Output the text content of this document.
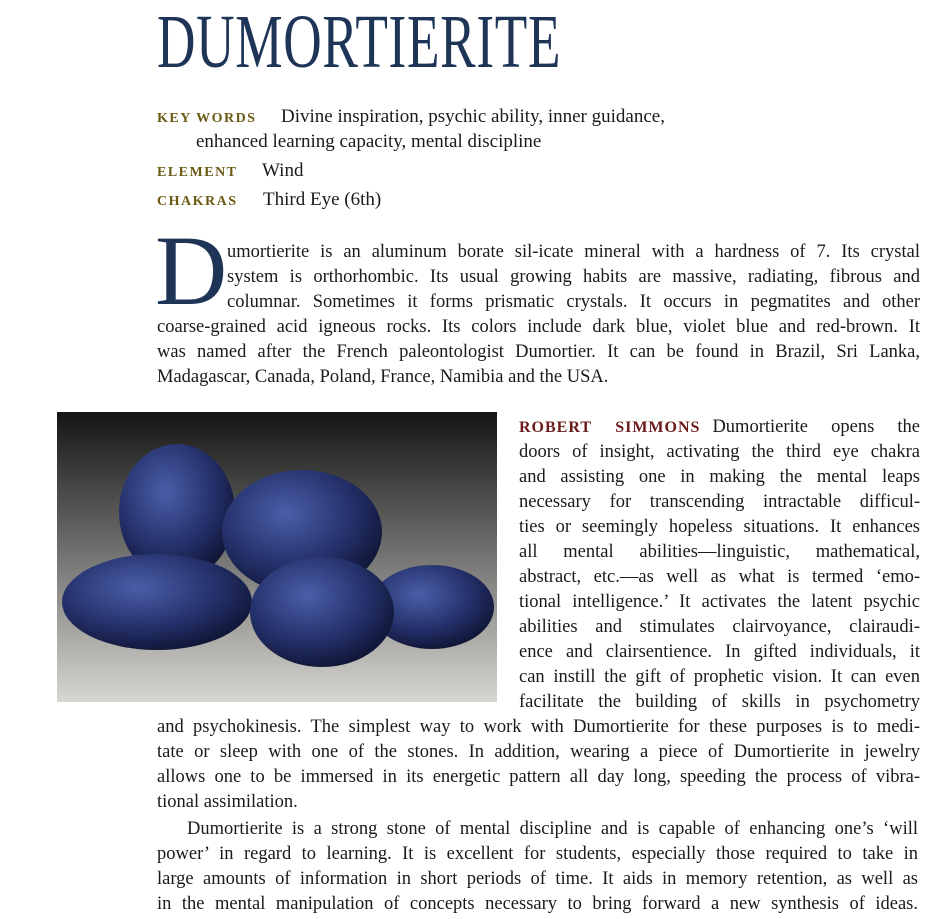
DUMORTIERITE
KEY WORDS Divine inspiration, psychic ability, inner guidance,
enhanced learning capacity, mental discipline
ELEMENT Wind
CHAKRAS Third Eye (6th)
D umortierite is an aluminum borate sil-icate mineral with a hardness of 7. Its crystal
system is orthorhombic. Its usual growing habits are massive, radiating, fibrous and
columnar. Sometimes it forms prismatic crystals. It occurs in pegmatites and other
coarse-grained acid igneous rocks. Its colors include dark blue, violet blue and red-brown. It
was named after the French paleontologist Dumortier. It can be found in Brazil, Sri Lanka,
Madagascar, Canada, Poland, France, Namibia and the USA.
ROBERT SIMMONS Dumortierite opens the
doors of insight, activating the third eye chakra
and assisting one in making the mental leaps
necessary for transcending intractable difficul-
ties or seemingly hopeless situations. It enhances
all mental abilities—linguistic, mathematical,
abstract, etc.—as well as what is termed ‘emo-
tional intelligence.’ It activates the latent psychic
abilities and stimulates clairvoyance, clairaudi-
ence and clairsentience. In gifted individuals, it
can instill the gift of prophetic vision. It can even
facilitate the building of skills in psychometry
and psychokinesis. The simplest way to work with Dumortierite for these purposes is to medi-
tate or sleep with one of the stones. In addition, wearing a piece of Dumortierite in jewelry
allows one to be immersed in its energetic pattern all day long, speeding the process of vibra-
tional assimilation.
Dumortierite is a strong stone of mental discipline and is capable of enhancing one’s ‘will
power’ in regard to learning. It is excellent for students, especially those required to take in
large amounts of information in short periods of time. It aids in memory retention, as well as
in the mental manipulation of concepts necessary to bring forward a new synthesis of ideas.
